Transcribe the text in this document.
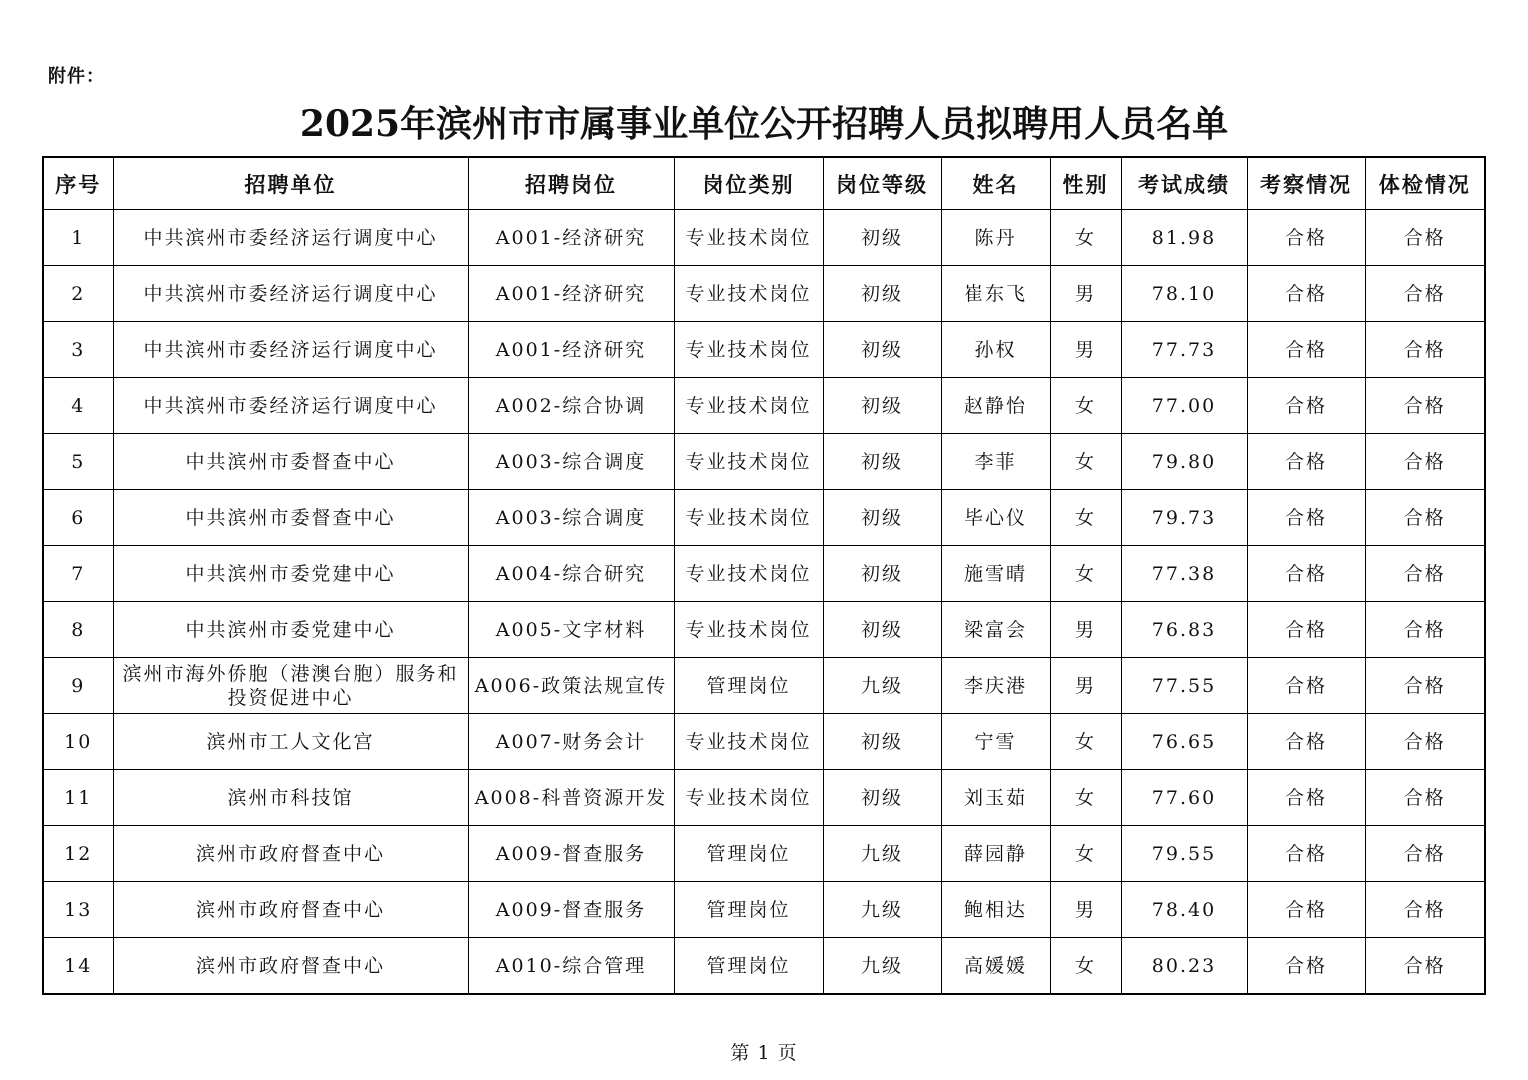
附件：
2025年滨州市市属事业单位公开招聘人员拟聘用人员名单
序号	招聘单位	招聘岗位	岗位类别	岗位等级	姓名	性别	考试成绩	考察情况	体检情况
1	中共滨州市委经济运行调度中心	A001-经济研究	专业技术岗位	初级	陈丹	女	81.98	合格	合格
2	中共滨州市委经济运行调度中心	A001-经济研究	专业技术岗位	初级	崔东飞	男	78.10	合格	合格
3	中共滨州市委经济运行调度中心	A001-经济研究	专业技术岗位	初级	孙权	男	77.73	合格	合格
4	中共滨州市委经济运行调度中心	A002-综合协调	专业技术岗位	初级	赵静怡	女	77.00	合格	合格
5	中共滨州市委督查中心	A003-综合调度	专业技术岗位	初级	李菲	女	79.80	合格	合格
6	中共滨州市委督查中心	A003-综合调度	专业技术岗位	初级	毕心仪	女	79.73	合格	合格
7	中共滨州市委党建中心	A004-综合研究	专业技术岗位	初级	施雪晴	女	77.38	合格	合格
8	中共滨州市委党建中心	A005-文字材料	专业技术岗位	初级	梁富会	男	76.83	合格	合格
9	滨州市海外侨胞（港澳台胞）服务和投资促进中心	A006-政策法规宣传	管理岗位	九级	李庆港	男	77.55	合格	合格
10	滨州市工人文化宫	A007-财务会计	专业技术岗位	初级	宁雪	女	76.65	合格	合格
11	滨州市科技馆	A008-科普资源开发	专业技术岗位	初级	刘玉茹	女	77.60	合格	合格
12	滨州市政府督查中心	A009-督查服务	管理岗位	九级	薛园静	女	79.55	合格	合格
13	滨州市政府督查中心	A009-督查服务	管理岗位	九级	鲍相达	男	78.40	合格	合格
14	滨州市政府督查中心	A010-综合管理	管理岗位	九级	高媛媛	女	80.23	合格	合格
第 1 页
